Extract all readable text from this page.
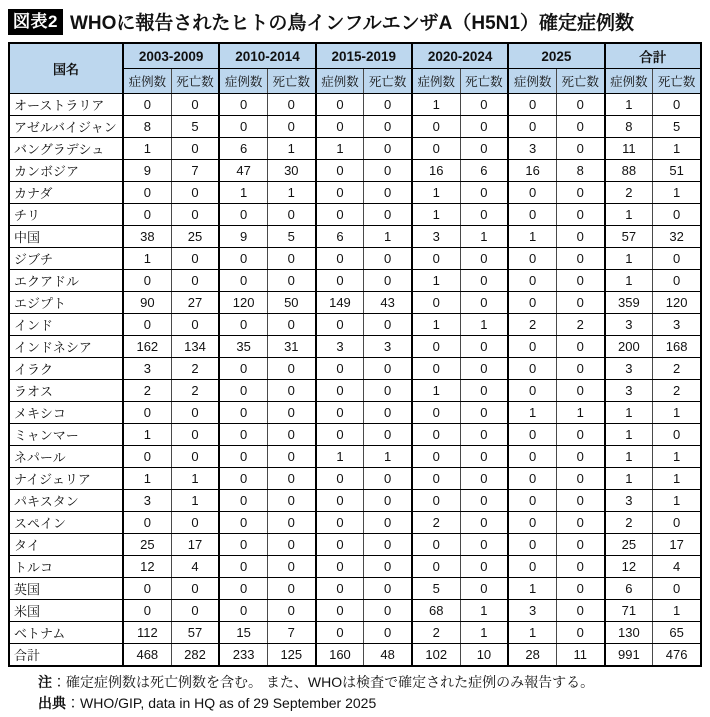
図表2 WHOに報告されたヒトの鳥インフルエンザA（H5N1）確定症例数
国名	2003-2009		2010-2014		2015-2019		2020-2024		2025		合計	
	症例数	死亡数	症例数	死亡数	症例数	死亡数	症例数	死亡数	症例数	死亡数	症例数	死亡数
オーストラリア	0	0	0	0	0	0	1	0	0	0	1	0
アゼルバイジャン	8	5	0	0	0	0	0	0	0	0	8	5
バングラデシュ	1	0	6	1	1	0	0	0	3	0	11	1
カンボジア	9	7	47	30	0	0	16	6	16	8	88	51
カナダ	0	0	1	1	0	0	1	0	0	0	2	1
チリ	0	0	0	0	0	0	1	0	0	0	1	0
中国	38	25	9	5	6	1	3	1	1	0	57	32
ジブチ	1	0	0	0	0	0	0	0	0	0	1	0
エクアドル	0	0	0	0	0	0	1	0	0	0	1	0
エジプト	90	27	120	50	149	43	0	0	0	0	359	120
インド	0	0	0	0	0	0	1	1	2	2	3	3
インドネシア	162	134	35	31	3	3	0	0	0	0	200	168
イラク	3	2	0	0	0	0	0	0	0	0	3	2
ラオス	2	2	0	0	0	0	1	0	0	0	3	2
メキシコ	0	0	0	0	0	0	0	0	1	1	1	1
ミャンマー	1	0	0	0	0	0	0	0	0	0	1	0
ネパール	0	0	0	0	1	1	0	0	0	0	1	1
ナイジェリア	1	1	0	0	0	0	0	0	0	0	1	1
パキスタン	3	1	0	0	0	0	0	0	0	0	3	1
スペイン	0	0	0	0	0	0	2	0	0	0	2	0
タイ	25	17	0	0	0	0	0	0	0	0	25	17
トルコ	12	4	0	0	0	0	0	0	0	0	12	4
英国	0	0	0	0	0	0	5	0	1	0	6	0
米国	0	0	0	0	0	0	68	1	3	0	71	1
ベトナム	112	57	15	7	0	0	2	1	1	0	130	65
合計	468	282	233	125	160	48	102	10	28	11	991	476
注：確定症例数は死亡例数を含む。 また、WHOは検査で確定された症例のみ報告する。
出典：WHO/GIP, data in HQ as of 29 September 2025
